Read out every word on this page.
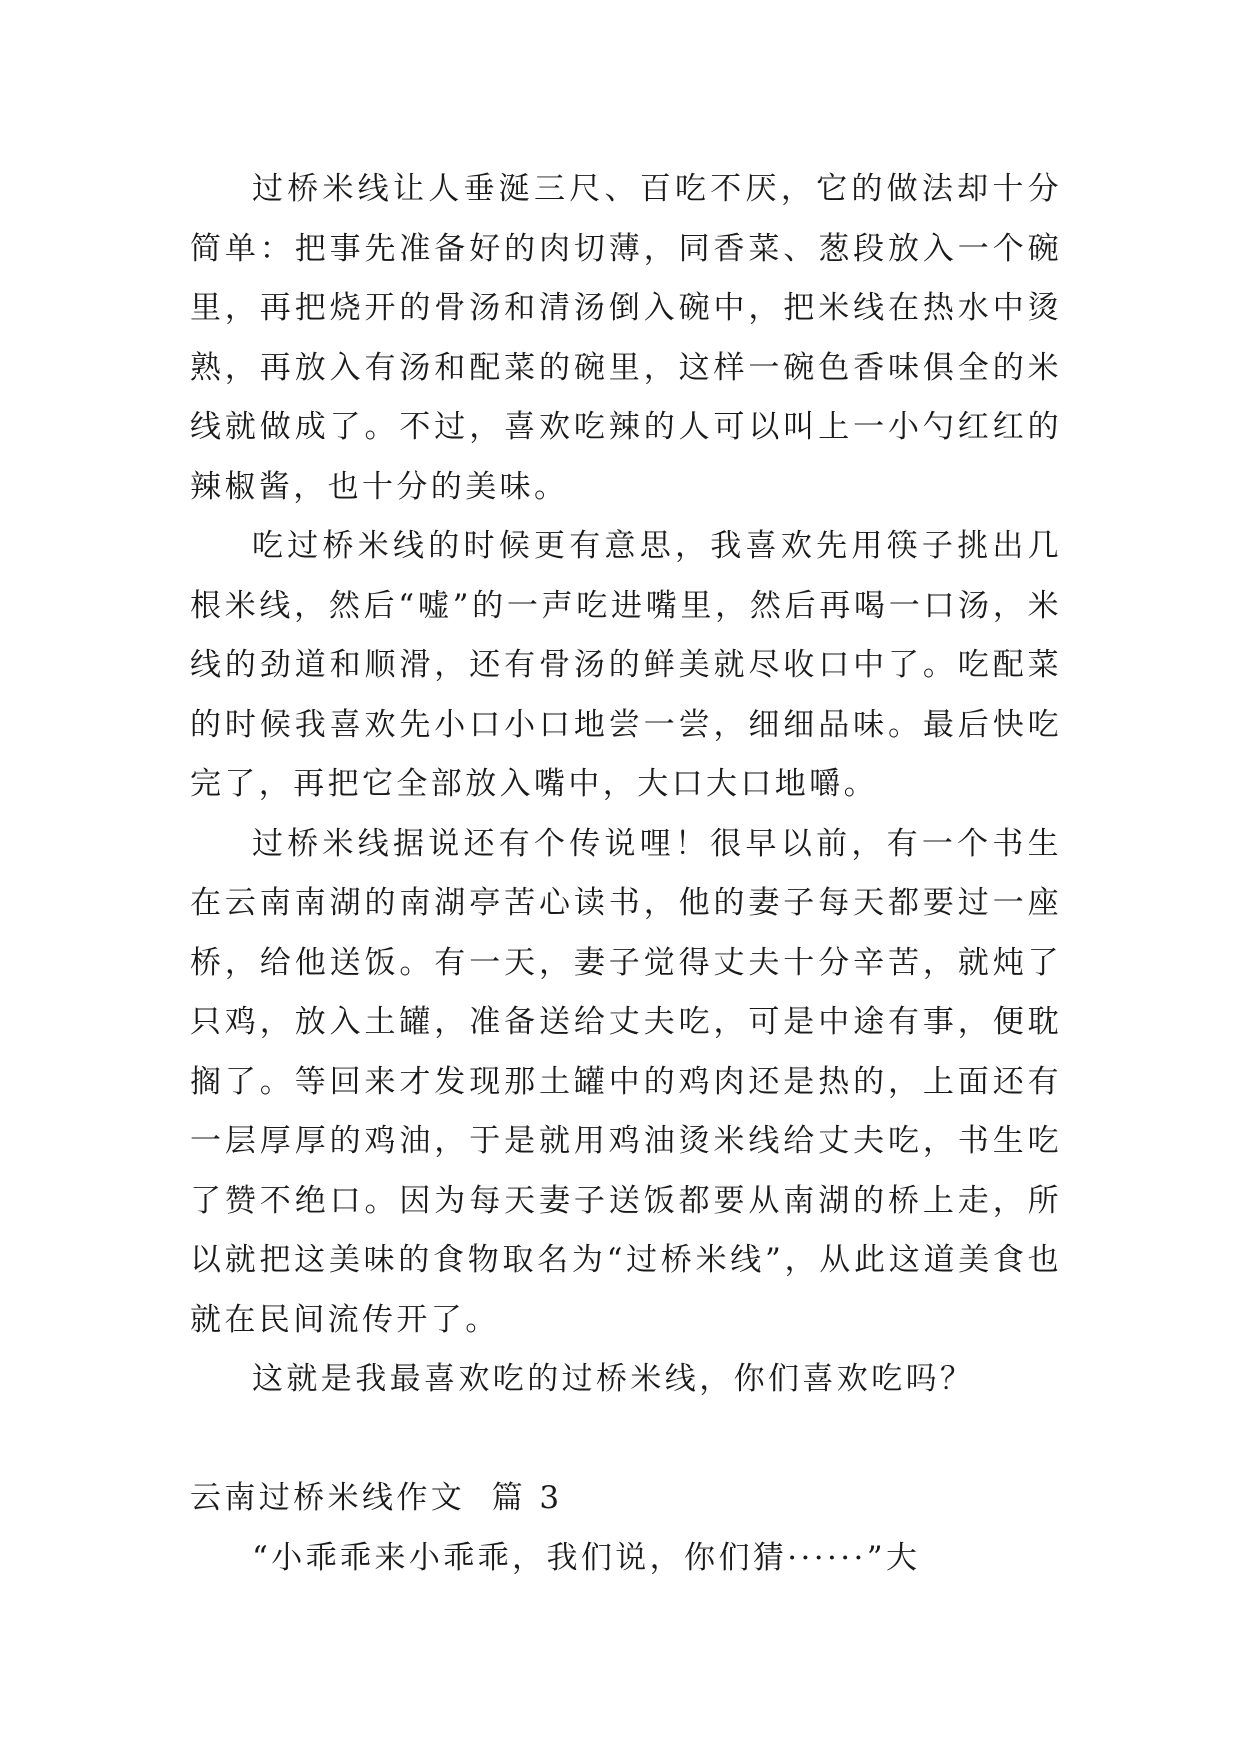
过桥米线让人垂涎三尺、百吃不厌，它的做法却十分简单：把事先准备好的肉切薄，同香菜、葱段放入一个碗里，再把烧开的骨汤和清汤倒入碗中，把米线在热水中烫熟，再放入有汤和配菜的碗里，这样一碗色香味俱全的米线就做成了。不过，喜欢吃辣的人可以叫上一小勺红红的辣椒酱，也十分的美味。

吃过桥米线的时候更有意思，我喜欢先用筷子挑出几根米线，然后“嘘”的一声吃进嘴里，然后再喝一口汤，米线的劲道和顺滑，还有骨汤的鲜美就尽收口中了。吃配菜的时候我喜欢先小口小口地尝一尝，细细品味。最后快吃完了，再把它全部放入嘴中，大口大口地嚼。

过桥米线据说还有个传说哩！很早以前，有一个书生在云南南湖的南湖亭苦心读书，他的妻子每天都要过一座桥，给他送饭。有一天，妻子觉得丈夫十分辛苦，就炖了只鸡，放入土罐，准备送给丈夫吃，可是中途有事，便耽搁了。等回来才发现那土罐中的鸡肉还是热的，上面还有一层厚厚的鸡油，于是就用鸡油烫米线给丈夫吃，书生吃了赞不绝口。因为每天妻子送饭都要从南湖的桥上走，所以就把这美味的食物取名为“过桥米线”，从此这道美食也就在民间流传开了。

这就是我最喜欢吃的过桥米线，你们喜欢吃吗？

云南过桥米线作文  篇 3

“小乖乖来小乖乖，我们说，你们猜······”大
